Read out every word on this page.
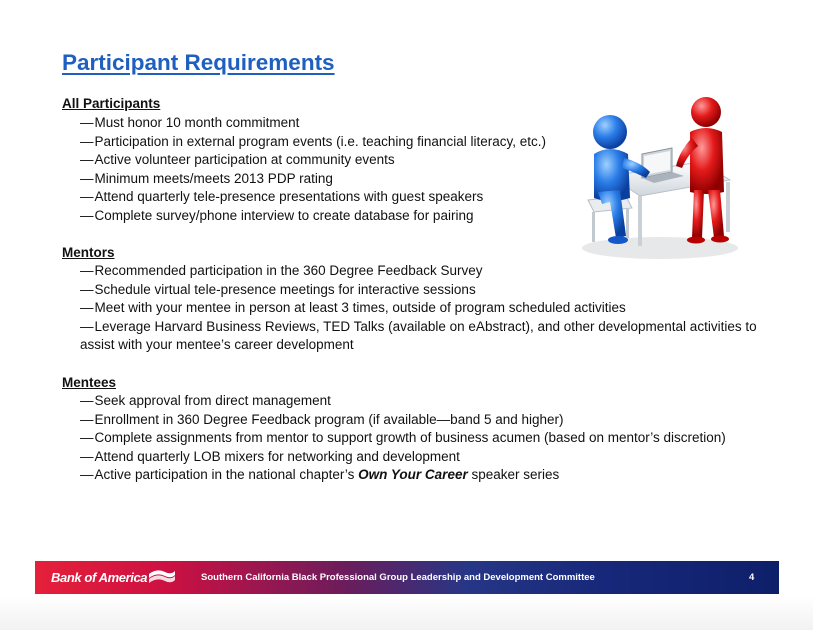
Participant Requirements
All Participants
—Must honor 10 month commitment
—Participation in external program events (i.e. teaching financial literacy, etc.)
—Active volunteer participation at community events
—Minimum meets/meets 2013 PDP rating
—Attend quarterly tele-presence presentations with guest speakers
—Complete survey/phone interview to create database for pairing
Mentors
—Recommended participation in the 360 Degree Feedback Survey
—Schedule virtual tele-presence meetings for interactive sessions
—Meet with your mentee in person at least 3 times, outside of program scheduled activities
—Leverage Harvard Business Reviews, TED Talks (available on eAbstract), and other developmental activities to assist with your mentee’s career development
Mentees
—Seek approval from direct management
—Enrollment in 360 Degree Feedback program (if available—band 5 and higher)
—Complete assignments from mentor to support growth of business acumen (based on mentor’s discretion)
—Attend quarterly LOB mixers for networking and development
—Active participation in the national chapter’s Own Your Career speaker series
Bank of America	Southern California Black Professional Group Leadership and Development Committee	4
